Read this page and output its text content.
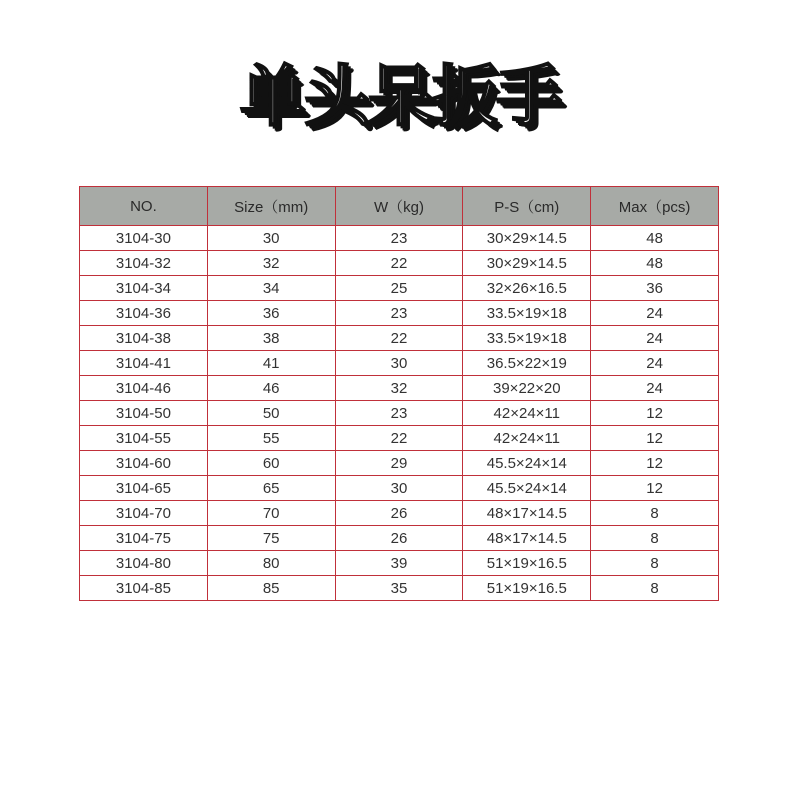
单头呆扳手
NO.	Size（mm)	W（kg)	P-S（cm)	Max（pcs)
3104-30	30	23	30×29×14.5	48
3104-32	32	22	30×29×14.5	48
3104-34	34	25	32×26×16.5	36
3104-36	36	23	33.5×19×18	24
3104-38	38	22	33.5×19×18	24
3104-41	41	30	36.5×22×19	24
3104-46	46	32	39×22×20	24
3104-50	50	23	42×24×11	12
3104-55	55	22	42×24×11	12
3104-60	60	29	45.5×24×14	12
3104-65	65	30	45.5×24×14	12
3104-70	70	26	48×17×14.5	8
3104-75	75	26	48×17×14.5	8
3104-80	80	39	51×19×16.5	8
3104-85	85	35	51×19×16.5	8
